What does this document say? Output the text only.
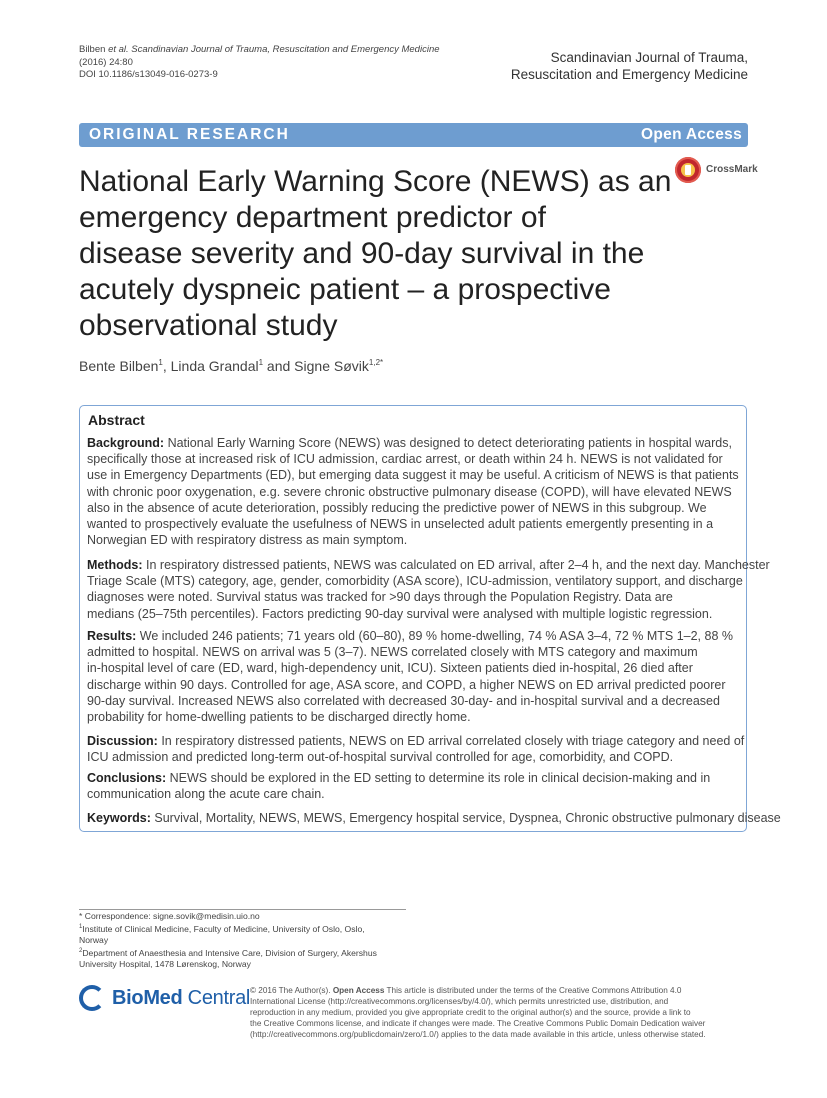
Bilben et al. Scandinavian Journal of Trauma, Resuscitation and Emergency Medicine
(2016) 24:80
DOI 10.1186/s13049-016-0273-9
Scandinavian Journal of Trauma,
Resuscitation and Emergency Medicine
ORIGINAL RESEARCH	Open Access
National Early Warning Score (NEWS) as an
emergency department predictor of
disease severity and 90-day survival in the
acutely dyspneic patient – a prospective
observational study
CrossMark
Bente Bilben$^1$, Linda Grandal$^1$ and Signe Søvik$^{1,2*}$
Abstract
Background: National Early Warning Score (NEWS) was designed to detect deteriorating patients in hospital wards,
specifically those at increased risk of ICU admission, cardiac arrest, or death within 24 h. NEWS is not validated for
use in Emergency Departments (ED), but emerging data suggest it may be useful. A criticism of NEWS is that patients
with chronic poor oxygenation, e.g. severe chronic obstructive pulmonary disease (COPD), will have elevated NEWS
also in the absence of acute deterioration, possibly reducing the predictive power of NEWS in this subgroup. We
wanted to prospectively evaluate the usefulness of NEWS in unselected adult patients emergently presenting in a
Norwegian ED with respiratory distress as main symptom.
Methods: In respiratory distressed patients, NEWS was calculated on ED arrival, after 2–4 h, and the next day. Manchester
Triage Scale (MTS) category, age, gender, comorbidity (ASA score), ICU-admission, ventilatory support, and discharge
diagnoses were noted. Survival status was tracked for >90 days through the Population Registry. Data are
medians (25–75th percentiles). Factors predicting 90-day survival were analysed with multiple logistic regression.
Results: We included 246 patients; 71 years old (60–80), 89 % home-dwelling, 74 % ASA 3–4, 72 % MTS 1–2, 88 %
admitted to hospital. NEWS on arrival was 5 (3–7). NEWS correlated closely with MTS category and maximum
in-hospital level of care (ED, ward, high-dependency unit, ICU). Sixteen patients died in-hospital, 26 died after
discharge within 90 days. Controlled for age, ASA score, and COPD, a higher NEWS on ED arrival predicted poorer
90-day survival. Increased NEWS also correlated with decreased 30-day- and in-hospital survival and a decreased
probability for home-dwelling patients to be discharged directly home.
Discussion: In respiratory distressed patients, NEWS on ED arrival correlated closely with triage category and need of
ICU admission and predicted long-term out-of-hospital survival controlled for age, comorbidity, and COPD.
Conclusions: NEWS should be explored in the ED setting to determine its role in clinical decision-making and in
communication along the acute care chain.
Keywords: Survival, Mortality, NEWS, MEWS, Emergency hospital service, Dyspnea, Chronic obstructive pulmonary disease
* Correspondence: signe.sovik@medisin.uio.no
$^1$Institute of Clinical Medicine, Faculty of Medicine, University of Oslo, Oslo,
Norway
$^2$Department of Anaesthesia and Intensive Care, Division of Surgery, Akershus
University Hospital, 1478 Lørenskog, Norway
BioMed Central © 2016 The Author(s). Open Access This article is distributed under the terms of the Creative Commons Attribution 4.0
International License (http://creativecommons.org/licenses/by/4.0/), which permits unrestricted use, distribution, and
reproduction in any medium, provided you give appropriate credit to the original author(s) and the source, provide a link to
the Creative Commons license, and indicate if changes were made. The Creative Commons Public Domain Dedication waiver
(http://creativecommons.org/publicdomain/zero/1.0/) applies to the data made available in this article, unless otherwise stated.
